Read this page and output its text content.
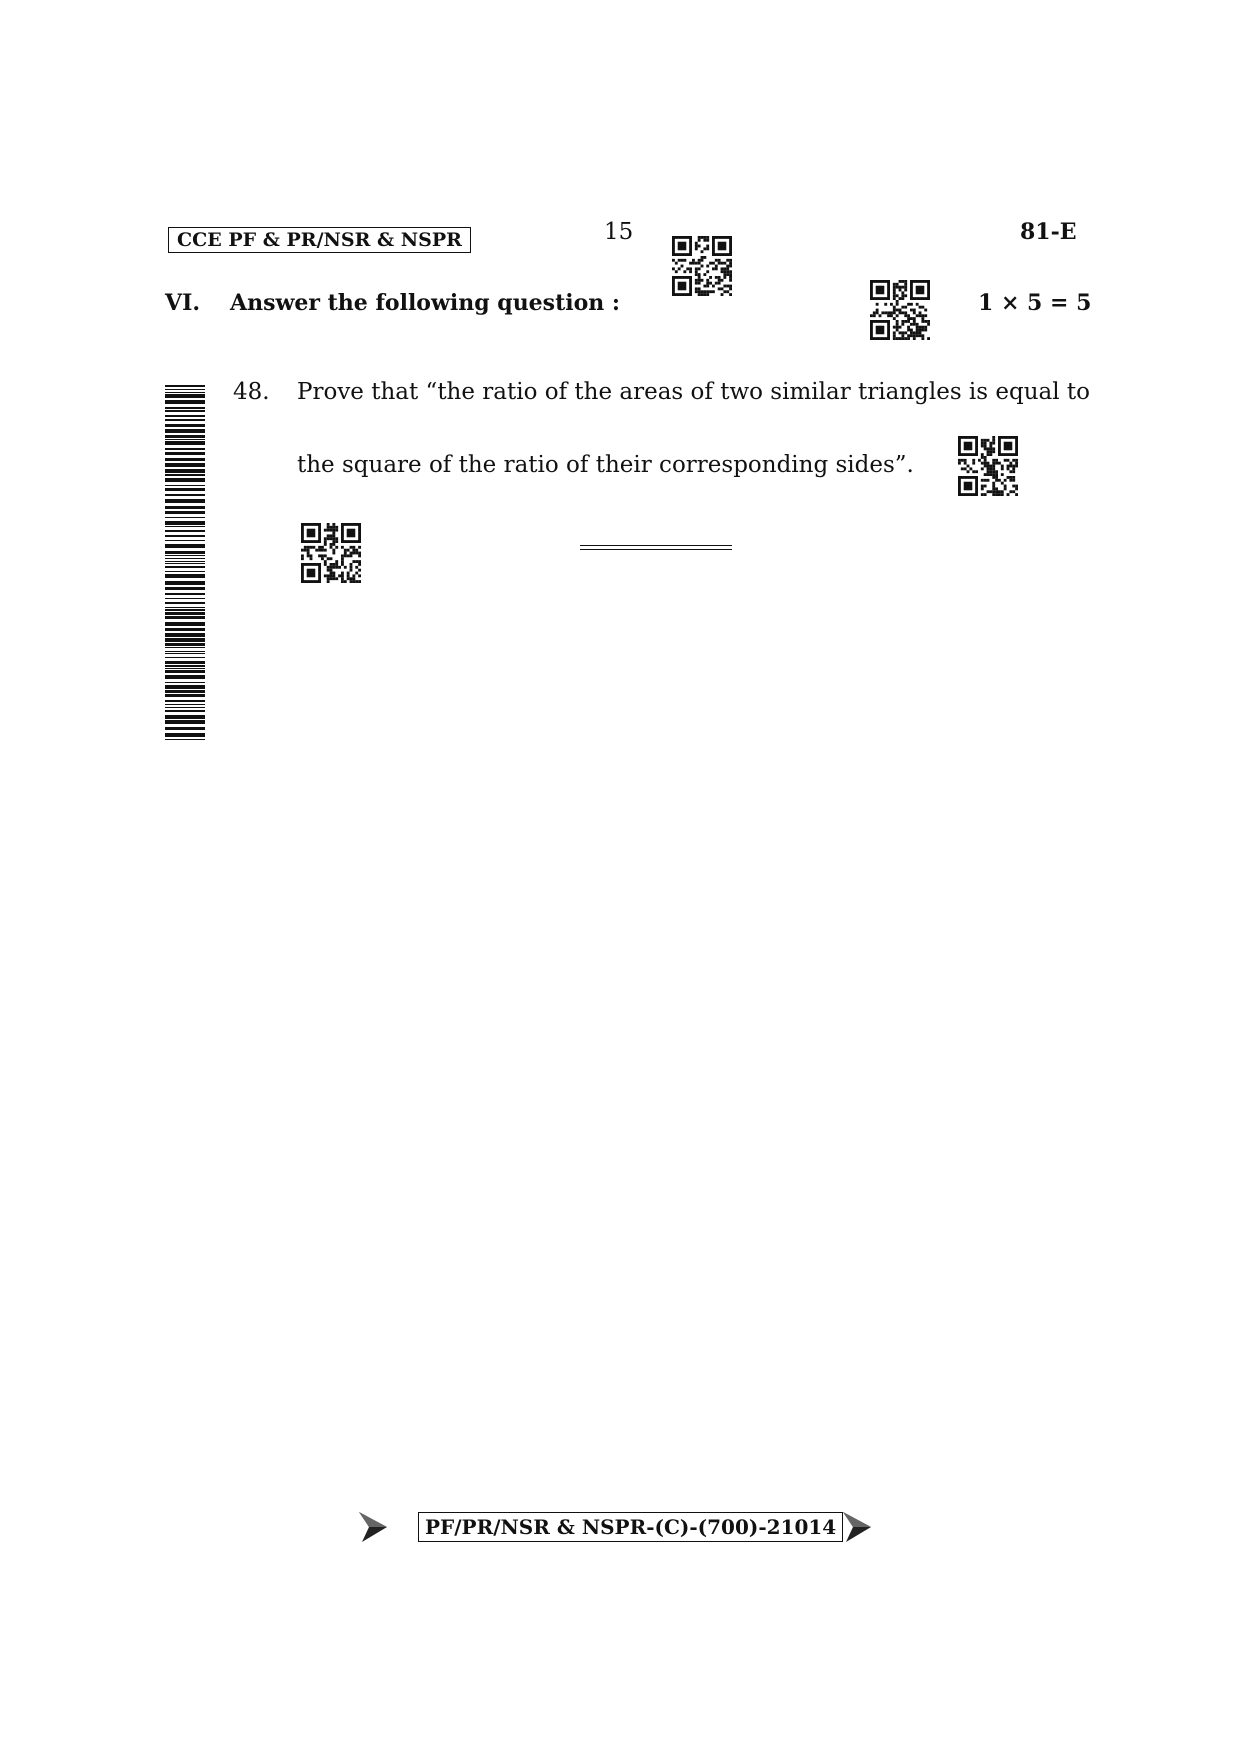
CCE PF & PR/NSR & NSPR	15	81-E
VI. Answer the following question :	1 × 5 = 5
48. Prove that “the ratio of the areas of two similar triangles is equal to
the square of the ratio of their corresponding sides”.
PF/PR/NSR & NSPR-(C)-(700)-21014
